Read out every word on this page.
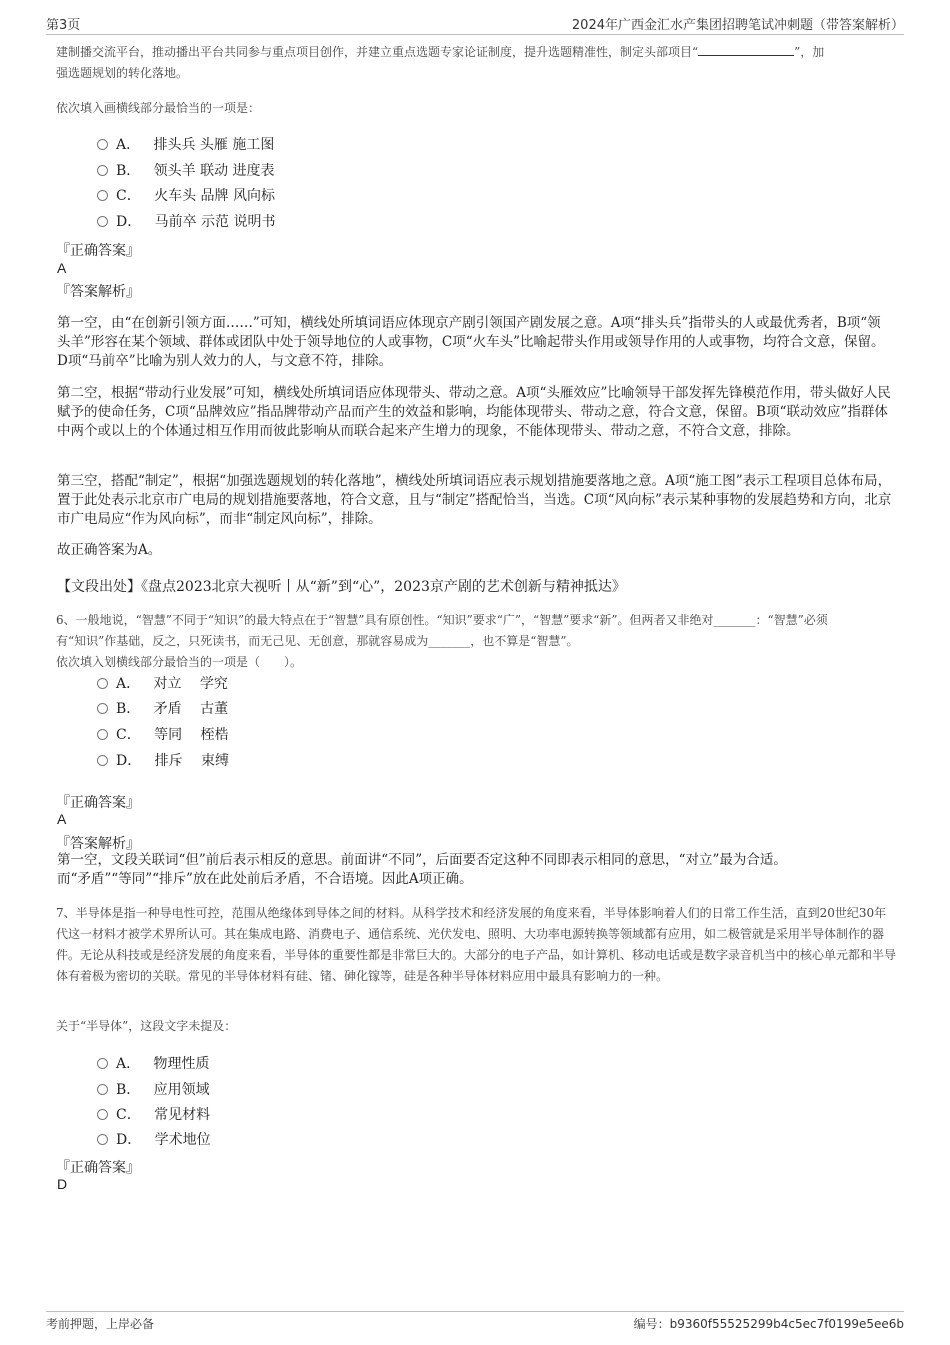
第3页	2024年广西金汇水产集团招聘笔试冲刺题（带答案解析）
建制播交流平台，推动播出平台共同参与重点项目创作，并建立重点选题专家论证制度，提升选题精准性，制定头部项目“	”，加
强选题规划的转化落地。
依次填入画横线部分最恰当的一项是：
A． 排头兵 头雁 施工图
B． 领头羊 联动 进度表
C． 火车头 品牌 风向标
D． 马前卒 示范 说明书
『正确答案』
A
『答案解析』
第一空，由“在创新引领方面……”可知，横线处所填词语应体现京产剧引领国产剧发展之意。A项“排头兵”指带头的人或最优秀者，B项“领头羊”形容在某个领域、群体或团队中处于领导地位的人或事物，C项“火车头”比喻起带头作用或领导作用的人或事物，均符合文意，保留。D项“马前卒”比喻为别人效力的人，与文意不符，排除。
第二空，根据“带动行业发展”可知，横线处所填词语应体现带头、带动之意。A项“头雁效应”比喻领导干部发挥先锋模范作用，带头做好人民赋予的使命任务，C项“品牌效应”指品牌带动产品而产生的效益和影响，均能体现带头、带动之意，符合文意，保留。B项“联动效应”指群体中两个或以上的个体通过相互作用而彼此影响从而联合起来产生增力的现象，不能体现带头、带动之意，不符合文意，排除。
第三空，搭配“制定”，根据“加强选题规划的转化落地”，横线处所填词语应表示规划措施要落地之意。A项“施工图”表示工程项目总体布局，置于此处表示北京市广电局的规划措施要落地，符合文意，且与“制定”搭配恰当，当选。C项“风向标”表示某种事物的发展趋势和方向，北京市广电局应“作为风向标”，而非“制定风向标”，排除。
故正确答案为A。
【文段出处】《盘点2023北京大视听丨从“新”到“心”，2023京产剧的艺术创新与精神抵达》
6、一般地说，“智慧”不同于“知识”的最大特点在于“智慧”具有原创性。“知识”要求“广”，“智慧”要求“新”。但两者又非绝对_______：“智慧”必须
有“知识”作基础，反之，只死读书，而无己见、无创意，那就容易成为_______，也不算是“智慧”。
依次填入划横线部分最恰当的一项是（　　）。
A． 对立　 学究
B． 矛盾　 古董
C． 等同　 桎梏
D． 排斥　 束缚
『正确答案』
A
『答案解析』
第一空，文段关联词“但”前后表示相反的意思。前面讲“不同”，后面要否定这种不同即表示相同的意思，“对立”最为合适。
而“矛盾”“等同”“排斥”放在此处前后矛盾，不合语境。因此A项正确。
7、半导体是指一种导电性可控，范围从绝缘体到导体之间的材料。从科学技术和经济发展的角度来看，半导体影响着人们的日常工作生活，直到20世纪30年代这一材料才被学术界所认可。其在集成电路、消费电子、通信系统、光伏发电、照明、大功率电源转换等领域都有应用，如二极管就是采用半导体制作的器件。无论从科技或是经济发展的角度来看，半导体的重要性都是非常巨大的。大部分的电子产品，如计算机、移动电话或是数字录音机当中的核心单元都和半导体有着极为密切的关联。常见的半导体材料有硅、锗、砷化镓等，硅是各种半导体材料应用中最具有影响力的一种。
关于“半导体”，这段文字未提及：
A． 物理性质
B． 应用领域
C． 常见材料
D． 学术地位
『正确答案』
D
考前押题，上岸必备	编号：b9360f55525299b4c5ec7f0199e5ee6b
